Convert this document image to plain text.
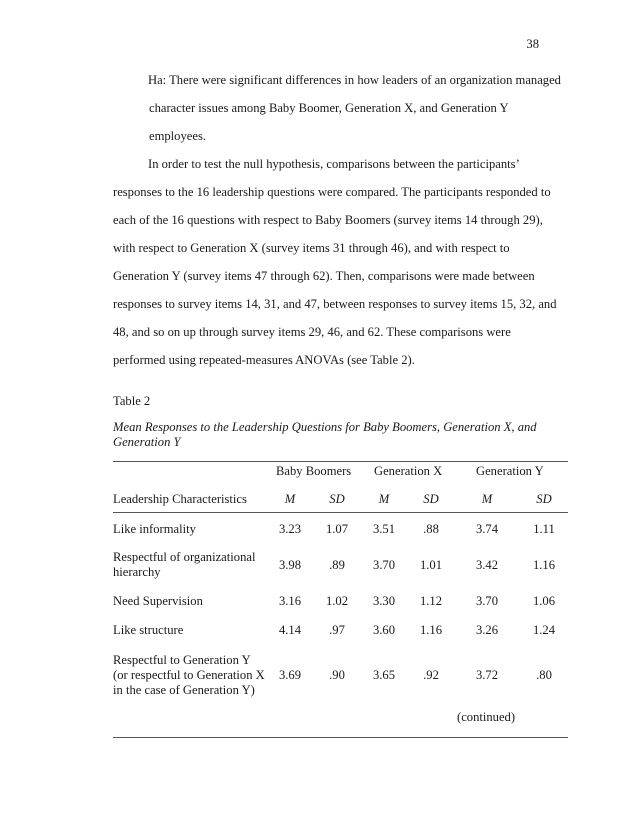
38
Ha: There were significant differences in how leaders of an organization managed
character issues among Baby Boomer, Generation X, and Generation Y
employees.
In order to test the null hypothesis, comparisons between the participants’
responses to the 16 leadership questions were compared. The participants responded to
each of the 16 questions with respect to Baby Boomers (survey items 14 through 29),
with respect to Generation X (survey items 31 through 46), and with respect to
Generation Y (survey items 47 through 62). Then, comparisons were made between
responses to survey items 14, 31, and 47, between responses to survey items 15, 32, and
48, and so on up through survey items 29, 46, and 62. These comparisons were
performed using repeated-measures ANOVAs (see Table 2).
Table 2
Mean Responses to the Leadership Questions for Baby Boomers, Generation X, and
Generation Y
Baby Boomers Generation X	Generation Y
Leadership Characteristics	M	SD	M	SD	M	SD
Like informality	3.23	1.07	3.51	.88	3.74	1.11
Respectful of organizational
hierarchy	3.98	.89	3.70	1.01	3.42	1.16
Need Supervision	3.16	1.02	3.30	1.12	3.70	1.06
Like structure	4.14	.97	3.60	1.16	3.26	1.24
Respectful to Generation Y
(or respectful to Generation X
in the case of Generation Y)
3.69	.90	3.65	.92	3.72	.80
(continued)
